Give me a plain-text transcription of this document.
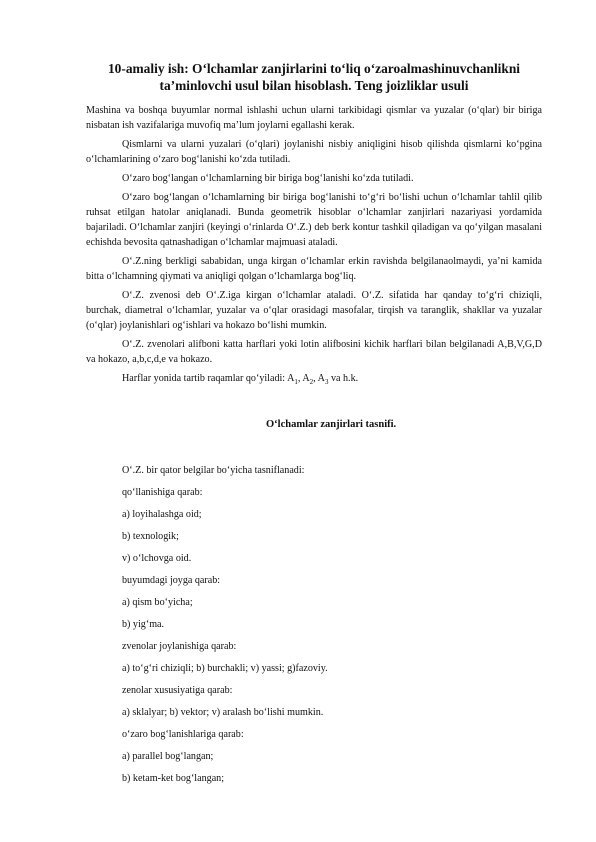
10-amaliy ish: O‘lchamlar zanjirlarini to‘liq o‘zaroalmashinuvchanlikni ta’minlovchi usul bilan hisoblash. Teng joizliklar usuli

Mashina va boshqa buyumlar normal ishlashi uchun ularni tarkibidagi qismlar va yuzalar (o‘qlar) bir biriga nisbatan ish vazifalariga muvofiq ma’lum joylarni egallashi kerak.

Qismlarni va ularni yuzalari (o‘qlari) joylanishi nisbiy aniqligini hisob qilishda qismlarni ko‘pgina o‘lchamlarining o‘zaro bog‘lanishi ko‘zda tutiladi.

O‘zaro bog‘langan o‘lchamlarning bir biriga bog‘lanishi ko‘zda tutiladi.

O‘zaro bog‘langan o‘lchamlarning bir biriga bog‘lanishi to‘g‘ri bo‘lishi uchun o‘lchamlar tahlil qilib ruhsat etilgan hatolar aniqlanadi. Bunda geometrik hisoblar o‘lchamlar zanjirlari nazariyasi yordamida bajariladi. O‘lchamlar zanjiri (keyingi o‘rinlarda O‘.Z.) deb berk kontur tashkil qiladigan va qo‘yilgan masalani echishda bevosita qatnashadigan o‘lchamlar majmuasi ataladi.

O‘.Z.ning berkligi sababidan, unga kirgan o‘lchamlar erkin ravishda belgilanaolmaydi, ya’ni kamida bitta o‘lchamning qiymati va aniqligi qolgan o‘lchamlarga bog‘liq.

O‘.Z. zvenosi deb O‘.Z.iga kirgan o‘lchamlar ataladi. O‘.Z. sifatida har qanday to‘g‘ri chiziqli, burchak, diametral o‘lchamlar, yuzalar va o‘qlar orasidagi masofalar, tirqish va taranglik, shakllar va yuzalar (o‘qlar) joylanishlari og‘ishlari va hokazo bo‘lishi mumkin.

O‘.Z. zvenolari alifboni katta harflari yoki lotin alifbosini kichik harflari bilan belgilanadi A,B,V,G,D va hokazo, a,b,c,d,e va hokazo.

Harflar yonida tartib raqamlar qo‘yiladi: $A_1$, $A_2$, $A_3$ va h.k.

O‘lchamlar zanjirlari tasnifi.

O‘.Z. bir qator belgilar bo‘yicha tasniflanadi:

qo‘llanishiga qarab:

a) loyihalashga oid;

b) texnologik;

v) o‘lchovga oid.

buyumdagi joyga qarab:

a) qism bo‘yicha;

b) yig‘ma.

zvenolar joylanishiga qarab:

a) to‘g‘ri chiziqli; b) burchakli; v) yassi; g)fazoviy.

zenolar xususiyatiga qarab:

a) sklalyar; b) vektor; v) aralash bo‘lishi mumkin.

o‘zaro bog‘lanishlariga qarab:

a) parallel bog‘langan;

b) ketam-ket bog‘langan;
